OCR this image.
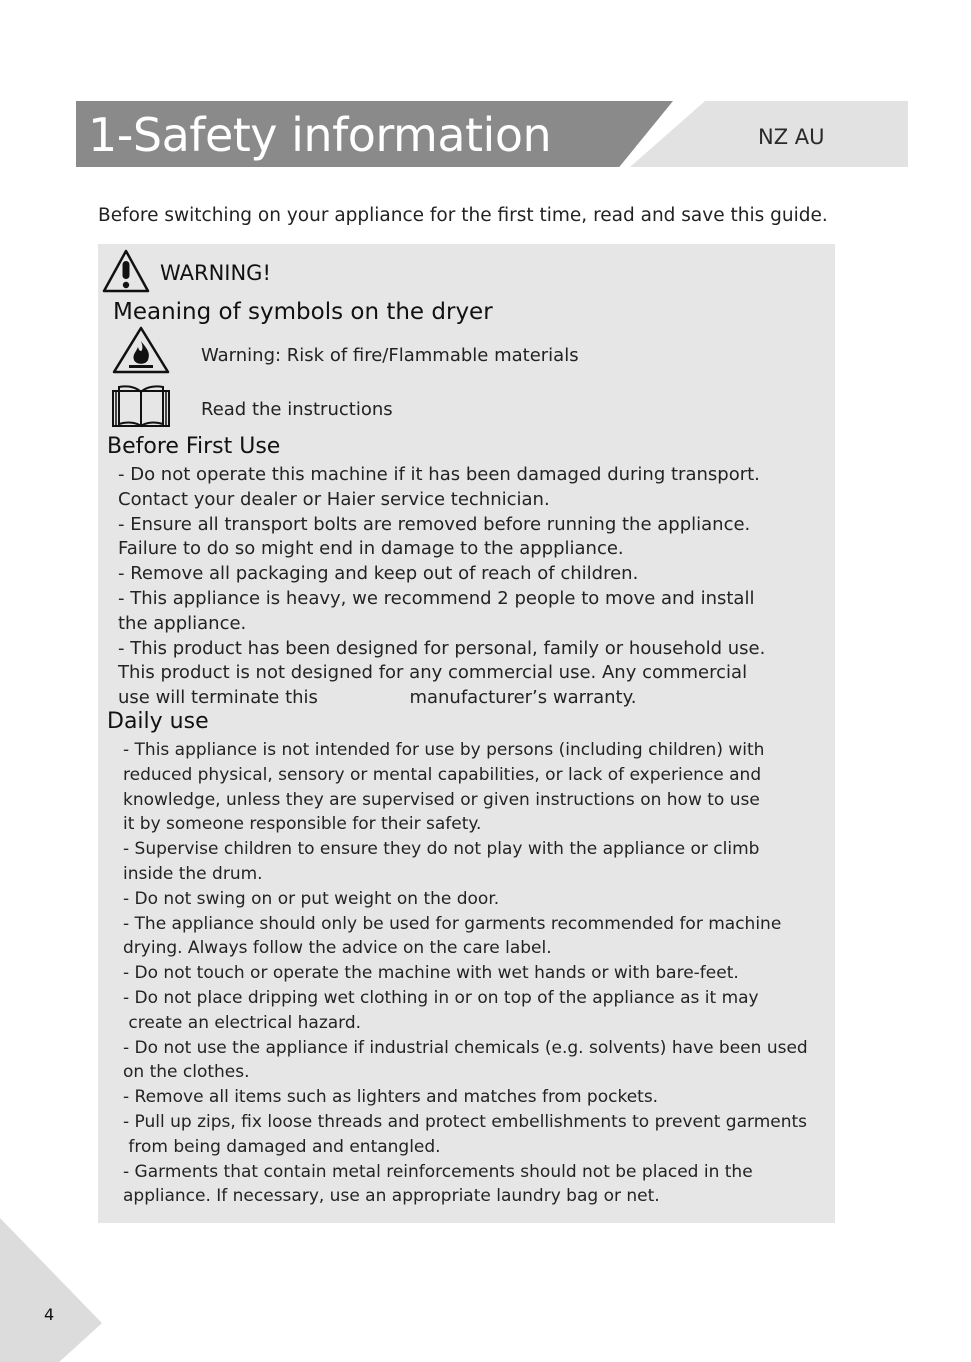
1-Safety information	NZ AU
Before switching on your appliance for the first time, read and save this guide.
WARNING!
Meaning of symbols on the dryer
Warning: Risk of fire/Flammable materials
Read the instructions
Before First Use
- Do not operate this machine if it has been damaged during transport.
Contact your dealer or Haier service technician.
- Ensure all transport bolts are removed before running the appliance.
Failure to do so might end in damage to the apppliance.
- Remove all packaging and keep out of reach of children.
- This appliance is heavy, we recommend 2 people to move and install
the appliance.
- This product has been designed for personal, family or household use.
This product is not designed for any commercial use. Any commercial
use will terminate this                manufacturer’s warranty.
Daily use
- This appliance is not intended for use by persons (including children) with
reduced physical, sensory or mental capabilities, or lack of experience and
knowledge, unless they are supervised or given instructions on how to use
it by someone responsible for their safety.
- Supervise children to ensure they do not play with the appliance or climb
inside the drum.
- Do not swing on or put weight on the door.
- The appliance should only be used for garments recommended for machine
drying. Always follow the advice on the care label.
- Do not touch or operate the machine with wet hands or with bare-feet.
- Do not place dripping wet clothing in or on top of the appliance as it may
create an electrical hazard.
- Do not use the appliance if industrial chemicals (e.g. solvents) have been used
on the clothes.
- Remove all items such as lighters and matches from pockets.
- Pull up zips, fix loose threads and protect embellishments to prevent garments
from being damaged and entangled.
- Garments that contain metal reinforcements should not be placed in the
appliance. If necessary, use an appropriate laundry bag or net.
4
